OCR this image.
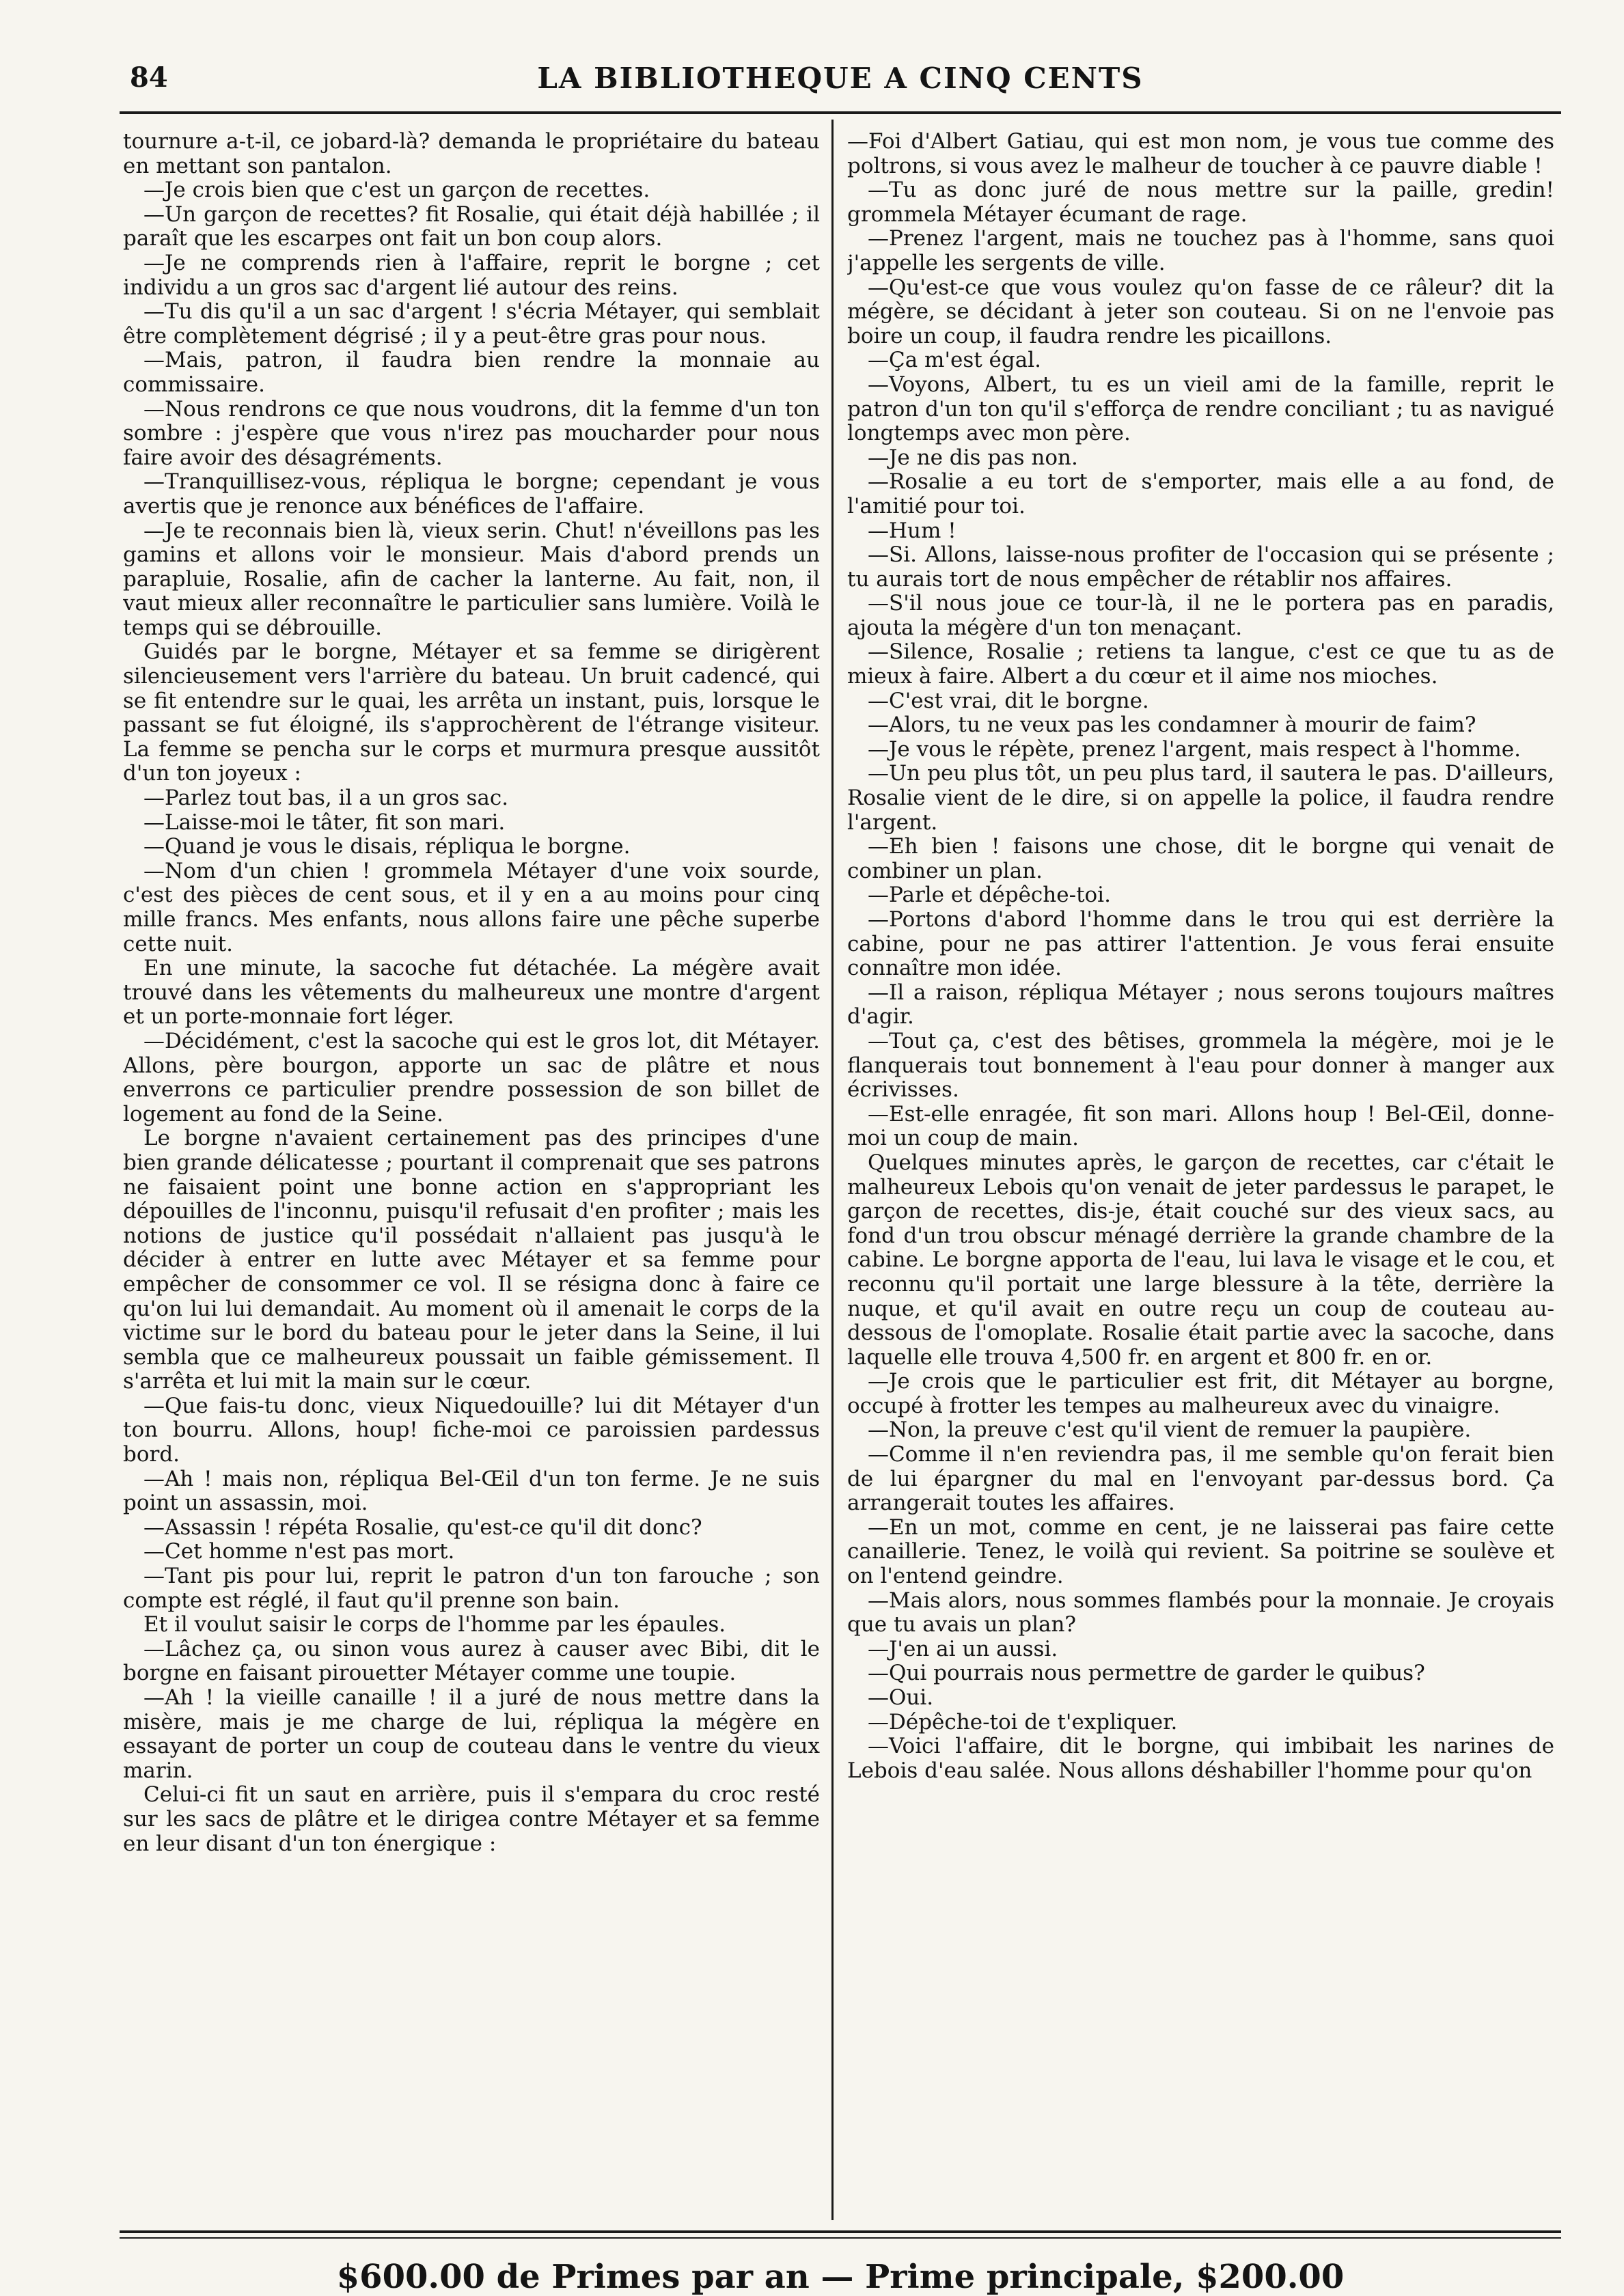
84	LA BIBLIOTHEQUE A CINQ CENTS

tournure a-t-il, ce jobard-là? demanda le propriétaire du bateau en mettant son pantalon.

—Je crois bien que c'est un garçon de recettes.

—Un garçon de recettes? fit Rosalie, qui était déjà habillée ; il paraît que les escarpes ont fait un bon coup alors.

—Je ne comprends rien à l'affaire, reprit le borgne ; cet individu a un gros sac d'argent lié autour des reins.

—Tu dis qu'il a un sac d'argent ! s'écria Métayer, qui semblait être complètement dégrisé ; il y a peut-être gras pour nous.

—Mais, patron, il faudra bien rendre la monnaie au commissaire.

—Nous rendrons ce que nous voudrons, dit la femme d'un ton sombre : j'espère que vous n'irez pas moucharder pour nous faire avoir des désagréments.

—Tranquillisez-vous, répliqua le borgne; cependant je vous avertis que je renonce aux bénéfices de l'affaire.

—Je te reconnais bien là, vieux serin. Chut! n'éveillons pas les gamins et allons voir le monsieur. Mais d'abord prends un parapluie, Rosalie, afin de cacher la lanterne. Au fait, non, il vaut mieux aller reconnaître le particulier sans lumière. Voilà le temps qui se débrouille.

Guidés par le borgne, Métayer et sa femme se dirigèrent silencieusement vers l'arrière du bateau. Un bruit cadencé, qui se fit entendre sur le quai, les arrêta un instant, puis, lorsque le passant se fut éloigné, ils s'approchèrent de l'étrange visiteur. La femme se pencha sur le corps et murmura presque aussitôt d'un ton joyeux :

—Parlez tout bas, il a un gros sac.

—Laisse-moi le tâter, fit son mari.

—Quand je vous le disais, répliqua le borgne.

—Nom d'un chien ! grommela Métayer d'une voix sourde, c'est des pièces de cent sous, et il y en a au moins pour cinq mille francs. Mes enfants, nous allons faire une pêche superbe cette nuit.

En une minute, la sacoche fut détachée. La mégère avait trouvé dans les vêtements du malheureux une montre d'argent et un porte-monnaie fort léger.

—Décidément, c'est la sacoche qui est le gros lot, dit Métayer. Allons, père bourgon, apporte un sac de plâtre et nous enverrons ce particulier prendre possession de son billet de logement au fond de la Seine.

Le borgne n'avaient certainement pas des principes d'une bien grande délicatesse ; pourtant il comprenait que ses patrons ne faisaient point une bonne action en s'appropriant les dépouilles de l'inconnu, puisqu'il refusait d'en profiter ; mais les notions de justice qu'il possédait n'allaient pas jusqu'à le décider à entrer en lutte avec Métayer et sa femme pour empêcher de consommer ce vol. Il se résigna donc à faire ce qu'on lui lui demandait. Au moment où il amenait le corps de la victime sur le bord du bateau pour le jeter dans la Seine, il lui sembla que ce malheureux poussait un faible gémissement. Il s'arrêta et lui mit la main sur le cœur.

—Que fais-tu donc, vieux Niquedouille? lui dit Métayer d'un ton bourru. Allons, houp! fiche-moi ce paroissien pardessus bord.

—Ah ! mais non, répliqua Bel-Œil d'un ton ferme. Je ne suis point un assassin, moi.

—Assassin ! répéta Rosalie, qu'est-ce qu'il dit donc?

—Cet homme n'est pas mort.

—Tant pis pour lui, reprit le patron d'un ton farouche ; son compte est réglé, il faut qu'il prenne son bain.

Et il voulut saisir le corps de l'homme par les épaules.

—Lâchez ça, ou sinon vous aurez à causer avec Bibi, dit le borgne en faisant pirouetter Métayer comme une toupie.

—Ah ! la vieille canaille ! il a juré de nous mettre dans la misère, mais je me charge de lui, répliqua la mégère en essayant de porter un coup de couteau dans le ventre du vieux marin.

Celui-ci fit un saut en arrière, puis il s'empara du croc resté sur les sacs de plâtre et le dirigea contre Métayer et sa femme en leur disant d'un ton énergique :

—Foi d'Albert Gatiau, qui est mon nom, je vous tue comme des poltrons, si vous avez le malheur de toucher à ce pauvre diable !

—Tu as donc juré de nous mettre sur la paille, gredin! grommela Métayer écumant de rage.

—Prenez l'argent, mais ne touchez pas à l'homme, sans quoi j'appelle les sergents de ville.

—Qu'est-ce que vous voulez qu'on fasse de ce râleur? dit la mégère, se décidant à jeter son couteau. Si on ne l'envoie pas boire un coup, il faudra rendre les picaillons.

—Ça m'est égal.

—Voyons, Albert, tu es un vieil ami de la famille, reprit le patron d'un ton qu'il s'efforça de rendre conciliant ; tu as navigué longtemps avec mon père.

—Je ne dis pas non.

—Rosalie a eu tort de s'emporter, mais elle a au fond, de l'amitié pour toi.

—Hum !

—Si. Allons, laisse-nous profiter de l'occasion qui se présente ; tu aurais tort de nous empêcher de rétablir nos affaires.

—S'il nous joue ce tour-là, il ne le portera pas en paradis, ajouta la mégère d'un ton menaçant.

—Silence, Rosalie ; retiens ta langue, c'est ce que tu as de mieux à faire. Albert a du cœur et il aime nos mioches.

—C'est vrai, dit le borgne.

—Alors, tu ne veux pas les condamner à mourir de faim?

—Je vous le répète, prenez l'argent, mais respect à l'homme.

—Un peu plus tôt, un peu plus tard, il sautera le pas. D'ailleurs, Rosalie vient de le dire, si on appelle la police, il faudra rendre l'argent.

—Eh bien ! faisons une chose, dit le borgne qui venait de combiner un plan.

—Parle et dépêche-toi.

—Portons d'abord l'homme dans le trou qui est derrière la cabine, pour ne pas attirer l'attention. Je vous ferai ensuite connaître mon idée.

—Il a raison, répliqua Métayer ; nous serons toujours maîtres d'agir.

—Tout ça, c'est des bêtises, grommela la mégère, moi je le flanquerais tout bonnement à l'eau pour donner à manger aux écrivisses.

—Est-elle enragée, fit son mari. Allons houp ! Bel-Œil, donne-moi un coup de main.

Quelques minutes après, le garçon de recettes, car c'était le malheureux Lebois qu'on venait de jeter pardessus le parapet, le garçon de recettes, dis-je, était couché sur des vieux sacs, au fond d'un trou obscur ménagé derrière la grande chambre de la cabine. Le borgne apporta de l'eau, lui lava le visage et le cou, et reconnu qu'il portait une large blessure à la tête, derrière la nuque, et qu'il avait en outre reçu un coup de couteau au-dessous de l'omoplate. Rosalie était partie avec la sacoche, dans laquelle elle trouva 4,500 fr. en argent et 800 fr. en or.

—Je crois que le particulier est frit, dit Métayer au borgne, occupé à frotter les tempes au malheureux avec du vinaigre.

—Non, la preuve c'est qu'il vient de remuer la paupière.

—Comme il n'en reviendra pas, il me semble qu'on ferait bien de lui épargner du mal en l'envoyant par-dessus bord. Ça arrangerait toutes les affaires.

—En un mot, comme en cent, je ne laisserai pas faire cette canaillerie. Tenez, le voilà qui revient. Sa poitrine se soulève et on l'entend geindre.

—Mais alors, nous sommes flambés pour la monnaie. Je croyais que tu avais un plan?

—J'en ai un aussi.

—Qui pourrais nous permettre de garder le quibus?

—Oui.

—Dépêche-toi de t'expliquer.

—Voici l'affaire, dit le borgne, qui imbibait les narines de Lebois d'eau salée. Nous allons déshabiller l'homme pour qu'on

$600.00 de Primes par an — Prime principale, $200.00
